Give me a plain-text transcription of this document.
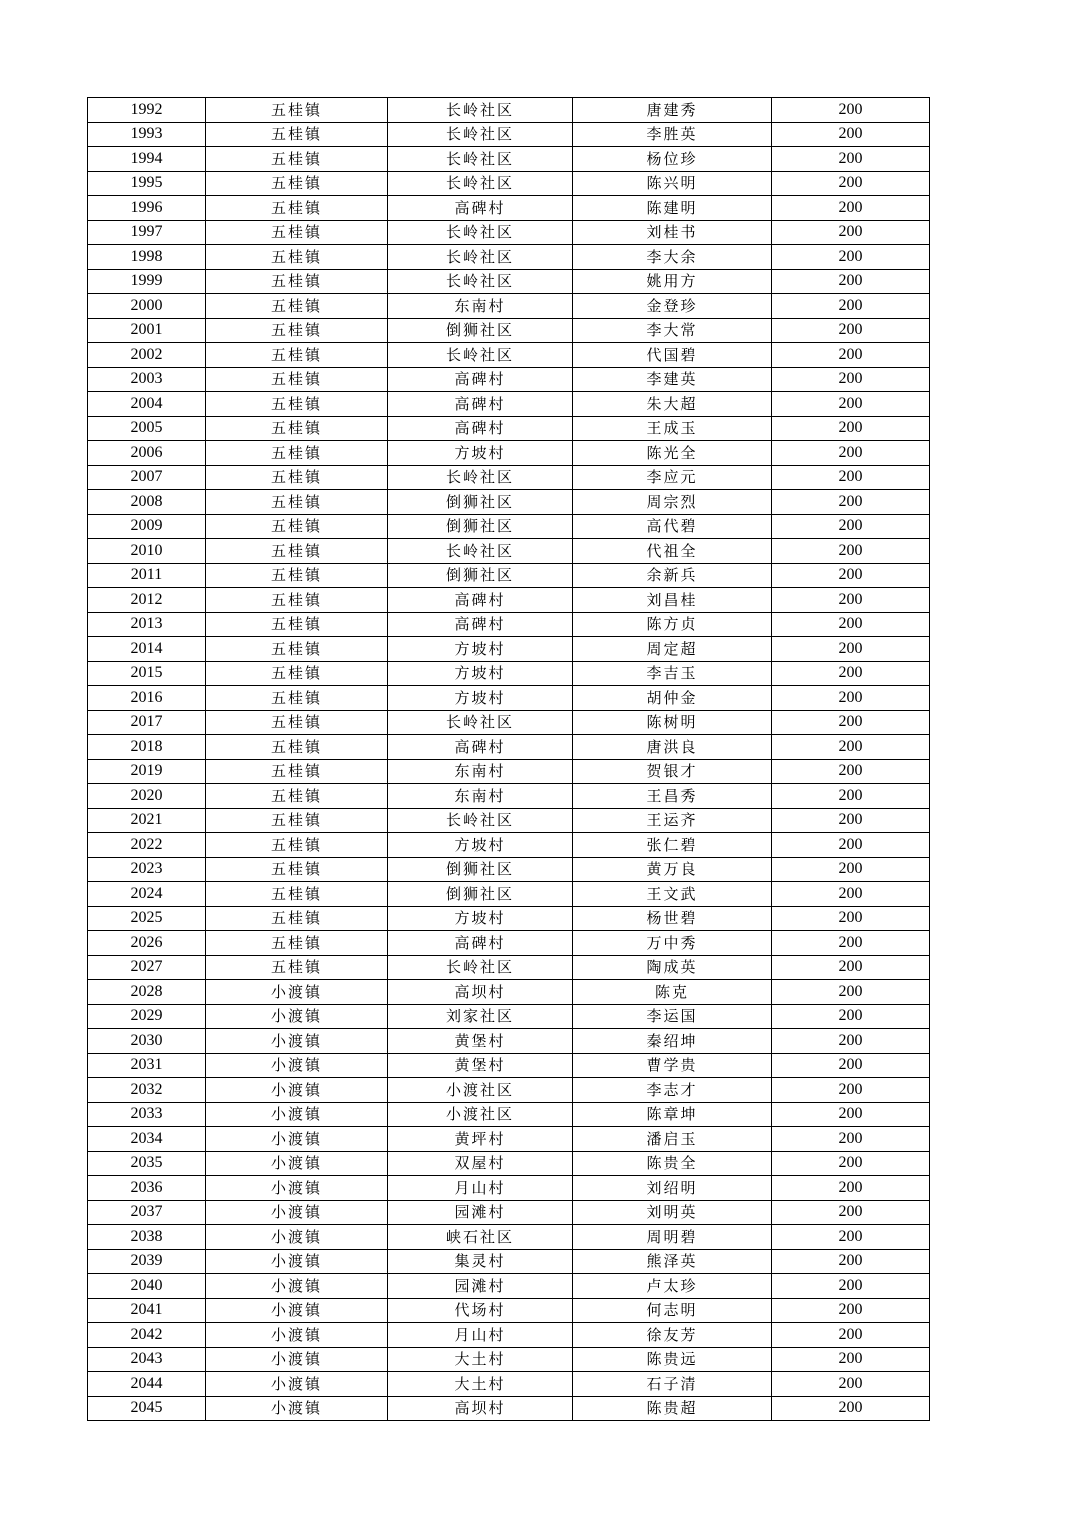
1992	五桂镇	长岭社区	唐建秀	200
1993	五桂镇	长岭社区	李胜英	200
1994	五桂镇	长岭社区	杨位珍	200
1995	五桂镇	长岭社区	陈兴明	200
1996	五桂镇	高碑村	陈建明	200
1997	五桂镇	长岭社区	刘桂书	200
1998	五桂镇	长岭社区	李大余	200
1999	五桂镇	长岭社区	姚用方	200
2000	五桂镇	东南村	金登珍	200
2001	五桂镇	倒狮社区	李大常	200
2002	五桂镇	长岭社区	代国碧	200
2003	五桂镇	高碑村	李建英	200
2004	五桂镇	高碑村	朱大超	200
2005	五桂镇	高碑村	王成玉	200
2006	五桂镇	方坡村	陈光全	200
2007	五桂镇	长岭社区	李应元	200
2008	五桂镇	倒狮社区	周宗烈	200
2009	五桂镇	倒狮社区	高代碧	200
2010	五桂镇	长岭社区	代祖全	200
2011	五桂镇	倒狮社区	余新兵	200
2012	五桂镇	高碑村	刘昌桂	200
2013	五桂镇	高碑村	陈方贞	200
2014	五桂镇	方坡村	周定超	200
2015	五桂镇	方坡村	李吉玉	200
2016	五桂镇	方坡村	胡仲金	200
2017	五桂镇	长岭社区	陈树明	200
2018	五桂镇	高碑村	唐洪良	200
2019	五桂镇	东南村	贺银才	200
2020	五桂镇	东南村	王昌秀	200
2021	五桂镇	长岭社区	王运齐	200
2022	五桂镇	方坡村	张仁碧	200
2023	五桂镇	倒狮社区	黄万良	200
2024	五桂镇	倒狮社区	王文武	200
2025	五桂镇	方坡村	杨世碧	200
2026	五桂镇	高碑村	万中秀	200
2027	五桂镇	长岭社区	陶成英	200
2028	小渡镇	高坝村	陈克	200
2029	小渡镇	刘家社区	李运国	200
2030	小渡镇	黄堡村	秦绍坤	200
2031	小渡镇	黄堡村	曹学贵	200
2032	小渡镇	小渡社区	李志才	200
2033	小渡镇	小渡社区	陈章坤	200
2034	小渡镇	黄坪村	潘启玉	200
2035	小渡镇	双屋村	陈贵全	200
2036	小渡镇	月山村	刘绍明	200
2037	小渡镇	园滩村	刘明英	200
2038	小渡镇	峡石社区	周明碧	200
2039	小渡镇	集灵村	熊泽英	200
2040	小渡镇	园滩村	卢太珍	200
2041	小渡镇	代场村	何志明	200
2042	小渡镇	月山村	徐友芳	200
2043	小渡镇	大土村	陈贵远	200
2044	小渡镇	大土村	石子清	200
2045	小渡镇	高坝村	陈贵超	200
